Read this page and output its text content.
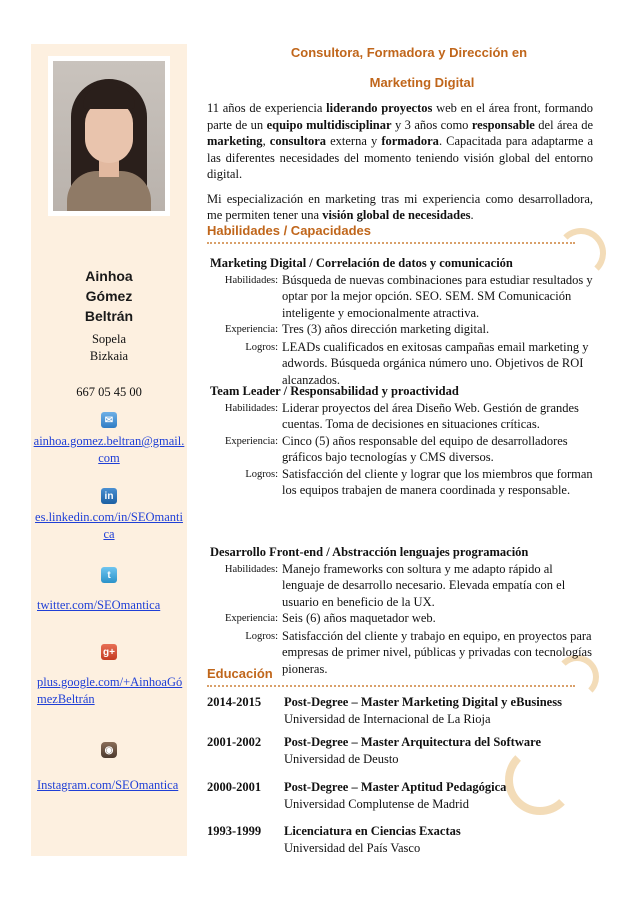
Ainhoa
Gómez
Beltrán
Sopela
Bizkaia
667 05 45 00
✉
ainhoa.gomez.beltran@gmail.com
in
es.linkedin.com/in/SEOmantica
t
twitter.com/SEOmantica
g+
plus.google.com/+AinhoaGómezBeltrán
◉
Instagram.com/SEOmantica
Consultora, Formadora y Dirección en
Marketing Digital

11 años de experiencia liderando proyectos web en el área front, formando parte de un equipo multidisciplinar y 3 años como responsable del área de marketing, consultora externa y formadora. Capacitada para adaptarme a las diferentes necesidades del momento teniendo visión global del entorno digital.

Mi especialización en marketing tras mi experiencia como desarrolladora, me permiten tener una visión global de necesidades.

Habilidades / Capacidades
Marketing Digital / Correlación de datos y comunicación
Habilidades: Búsqueda de nuevas combinaciones para estudiar resultados y optar por la mejor opción. SEO. SEM. SM Comunicación inteligente y emocionalmente atractiva.
Experiencia: Tres (3) años dirección marketing digital.
Logros: LEADs cualificados en exitosas campañas email marketing y adwords. Búsqueda orgánica número uno. Objetivos de ROI alcanzados.
Team Leader / Responsabilidad y proactividad
Habilidades: Liderar proyectos del área Diseño Web. Gestión de grandes cuentas. Toma de decisiones en situaciones críticas.
Experiencia: Cinco (5) años responsable del equipo de desarrolladores gráficos bajo tecnologías y CMS diversos.
Logros: Satisfacción del cliente y lograr que los miembros que forman los equipos trabajen de manera coordinada y responsable.
Desarrollo Front-end / Abstracción lenguajes programación
Habilidades: Manejo frameworks con soltura y me adapto rápido al lenguaje de desarrollo necesario. Elevada empatía con el usuario en beneficio de la UX.
Experiencia: Seis (6) años maquetador web.
Logros: Satisfacción del cliente y trabajo en equipo, en proyectos para empresas de primer nivel, públicas y privadas con tecnologías pioneras.
Educación
2014-2015	Post-Degree – Master Marketing Digital y eBusiness
Universidad de Internacional de La Rioja
2001-2002	Post-Degree – Master Arquitectura del Software
Universidad de Deusto
2000-2001	Post-Degree – Master Aptitud Pedagógica
Universidad Complutense de Madrid
1993-1999	Licenciatura en Ciencias Exactas
Universidad del País Vasco
